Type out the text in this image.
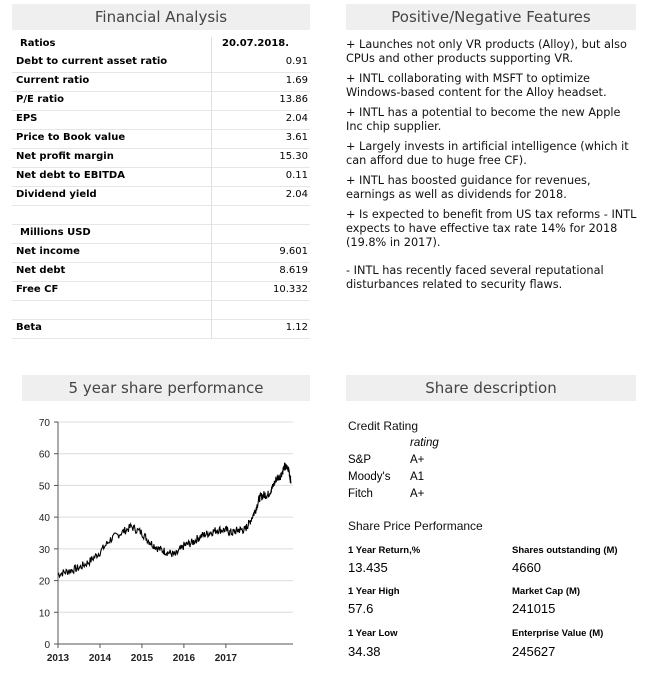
Financial Analysis	Positive/Negative Features
5 year share performance	Share description
Ratios	20.07.2018.
Debt to current asset ratio	0.91
Current ratio	1.69
P/E ratio	13.86
EPS	2.04
Price to Book value	3.61
Net profit margin	15.30
Net debt to EBITDA	0.11
Dividend yield	2.04
Millions USD
Net income	9.601
Net debt	8.619
Free CF	10.332
Beta	1.12

+ Launches not only VR products (Alloy), but also CPUs and other products supporting VR.

+ INTL collaborating with MSFT to optimize Windows-based content for the Alloy headset.

+ INTL has a potential to become the new Apple Inc chip supplier.

+ Largely invests in artificial intelligence (which it can afford due to huge free CF).

+ INTL has boosted guidance for revenues, earnings as well as dividends for 2018.

+ Is expected to benefit from US tax reforms - INTL expects to have effective tax rate 14% for 2018 (19.8% in 2017).

- INTL has recently faced several reputational disturbances related to security flaws.

0
10
20
30
40
50
60
70
2013 2014 2015 2016 2017
Credit Rating
rating
S&P	A+
Moody's A1
Fitch	A+
Share Price Performance
1 Year Return,%
13.435
Shares outstanding (M)
4660
1 Year High
57.6
Market Cap (M)
241015
1 Year Low
34.38
Enterprise Value (M)
245627
